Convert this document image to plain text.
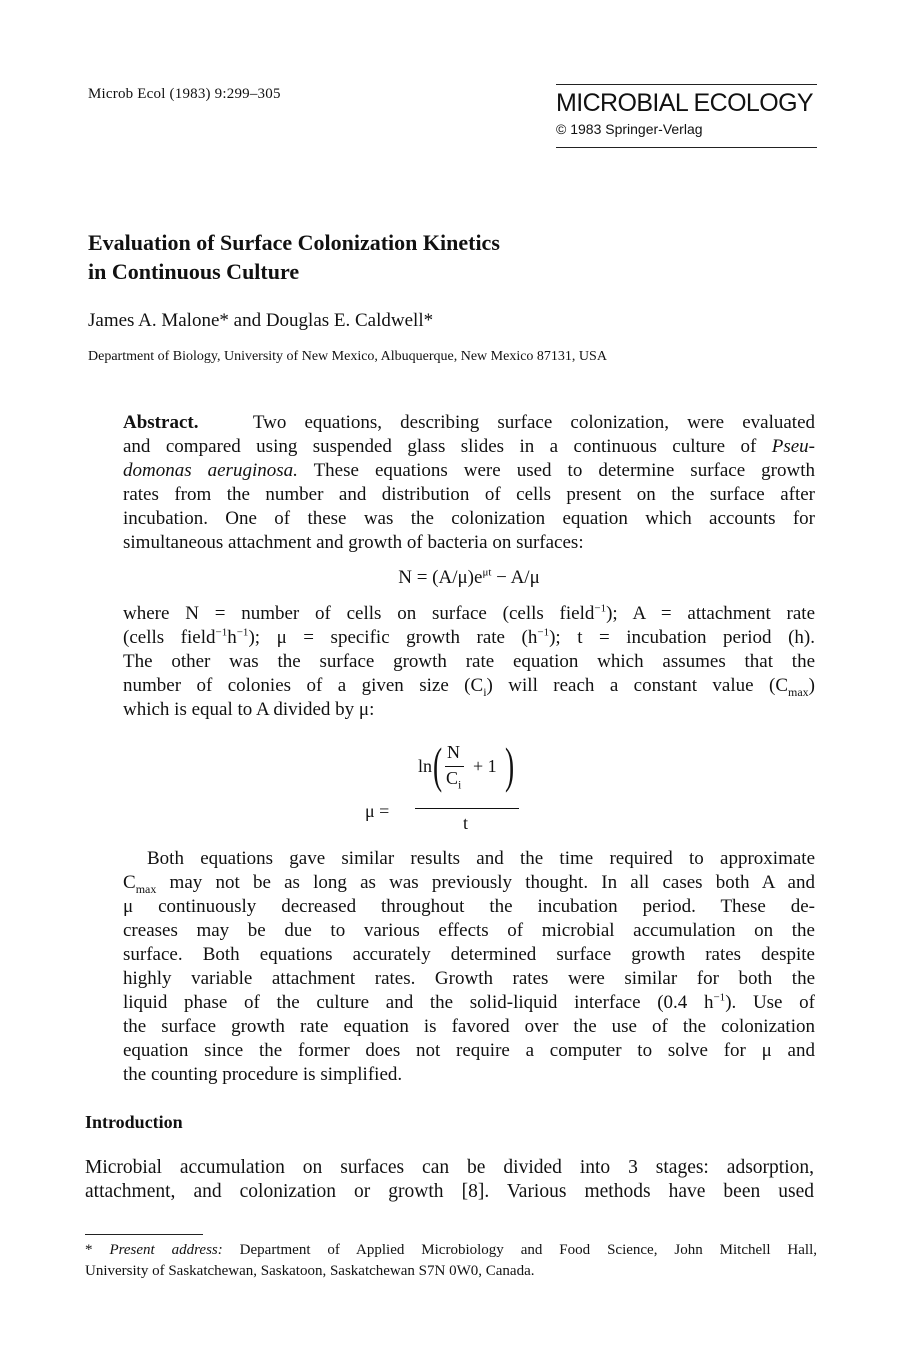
Microb Ecol (1983) 9:299–305	MICROBIAL ECOLOGY
© 1983 Springer-Verlag
Evaluation of Surface Colonization Kinetics
in Continuous Culture
James A. Malone* and Douglas E. Caldwell*
Department of Biology, University of New Mexico, Albuquerque, New Mexico 87131, USA
Abstract.	Two equations, describing surface colonization, were evaluated
and compared using suspended glass slides in a continuous culture of Pseu-
domonas aeruginosa. These equations were used to determine surface growth
rates from the number and distribution of cells present on the surface after
incubation. One of these was the colonization equation which accounts for
simultaneous attachment and growth of bacteria on surfaces:
$N = (A/\mu)e^{\mu t} - A/\mu$
where N = number of cells on surface (cells field$^{-1}$); A = attachment rate
(cells $field^{-1}h^{-1}$); μ = specific growth rate $(h^{-1})$; t = incubation period (h).
The other was the surface growth rate equation which assumes that the
number of colonies of a given size $(C_i)$ will reach a constant value $(C_{max})$
which is equal to A divided by μ:
μ =
ln ( N
$C_i$
+ 1 )
t
Both equations gave similar results and the time required to approximate
$C_{max}$ may not be as long as was previously thought. In all cases both A and
μ continuously decreased throughout the incubation period. These de-
creases may be due to various effects of microbial accumulation on the
surface. Both equations accurately determined surface growth rates despite
highly variable attachment rates. Growth rates were similar for both the
liquid phase of the culture and the solid-liquid interface (0.4 $h^{-1}$). Use of
the surface growth rate equation is favored over the use of the colonization
equation since the former does not require a computer to solve for μ and
the counting procedure is simplified.
Introduction
Microbial accumulation on surfaces can be divided into 3 stages: adsorption,
attachment, and colonization or growth [8]. Various methods have been used
* Present address: Department of Applied Microbiology and Food Science, John Mitchell Hall,
University of Saskatchewan, Saskatoon, Saskatchewan S7N 0W0, Canada.
